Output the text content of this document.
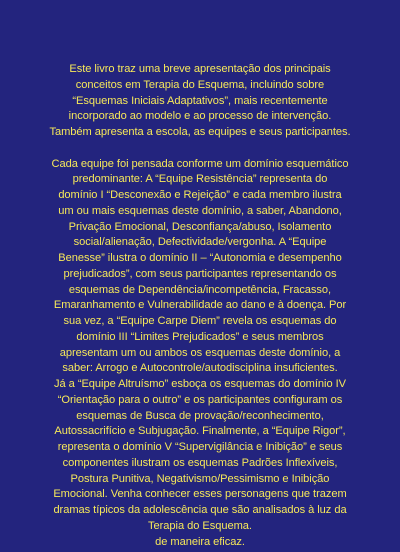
Este livro traz uma breve apresentação dos principais
conceitos em Terapia do Esquema, incluindo sobre
“Esquemas Iniciais Adaptativos”, mais recentemente
incorporado ao modelo e ao processo de intervenção.
Também apresenta a escola, as equipes e seus participantes.
Cada equipe foi pensada conforme um domínio esquemático
predominante: A “Equipe Resistência” representa do
domínio I “Desconexão e Rejeição” e cada membro ilustra
um ou mais esquemas deste domínio, a saber, Abandono,
Privação Emocional, Desconfiança/abuso, Isolamento
social/alienação, Defectividade/vergonha. A “Equipe
Benesse” ilustra o domínio II – “Autonomia e desempenho
prejudicados”, com seus participantes representando os
esquemas de Dependência/incompetência, Fracasso,
Emaranhamento e Vulnerabilidade ao dano e à doença. Por
sua vez, a “Equipe Carpe Diem” revela os esquemas do
domínio III “Limites Prejudicados” e seus membros
apresentam um ou ambos os esquemas deste domínio, a
saber: Arrogo e Autocontrole/autodisciplina insuficientes.
Já a “Equipe Altruísmo” esboça os esquemas do domínio IV
“Orientação para o outro” e os participantes configuram os
esquemas de Busca de provação/reconhecimento,
Autossacrifício e Subjugação. Finalmente, a “Equipe Rigor”,
representa o domínio V “Supervigilância e Inibição” e seus
componentes ilustram os esquemas Padrões Inflexíveis,
Postura Punitiva, Negativismo/Pessimismo e Inibição
Emocional. Venha conhecer esses personagens que trazem
dramas típicos da adolescência que são analisados à luz da
Terapia do Esquema.
de maneira eficaz.
